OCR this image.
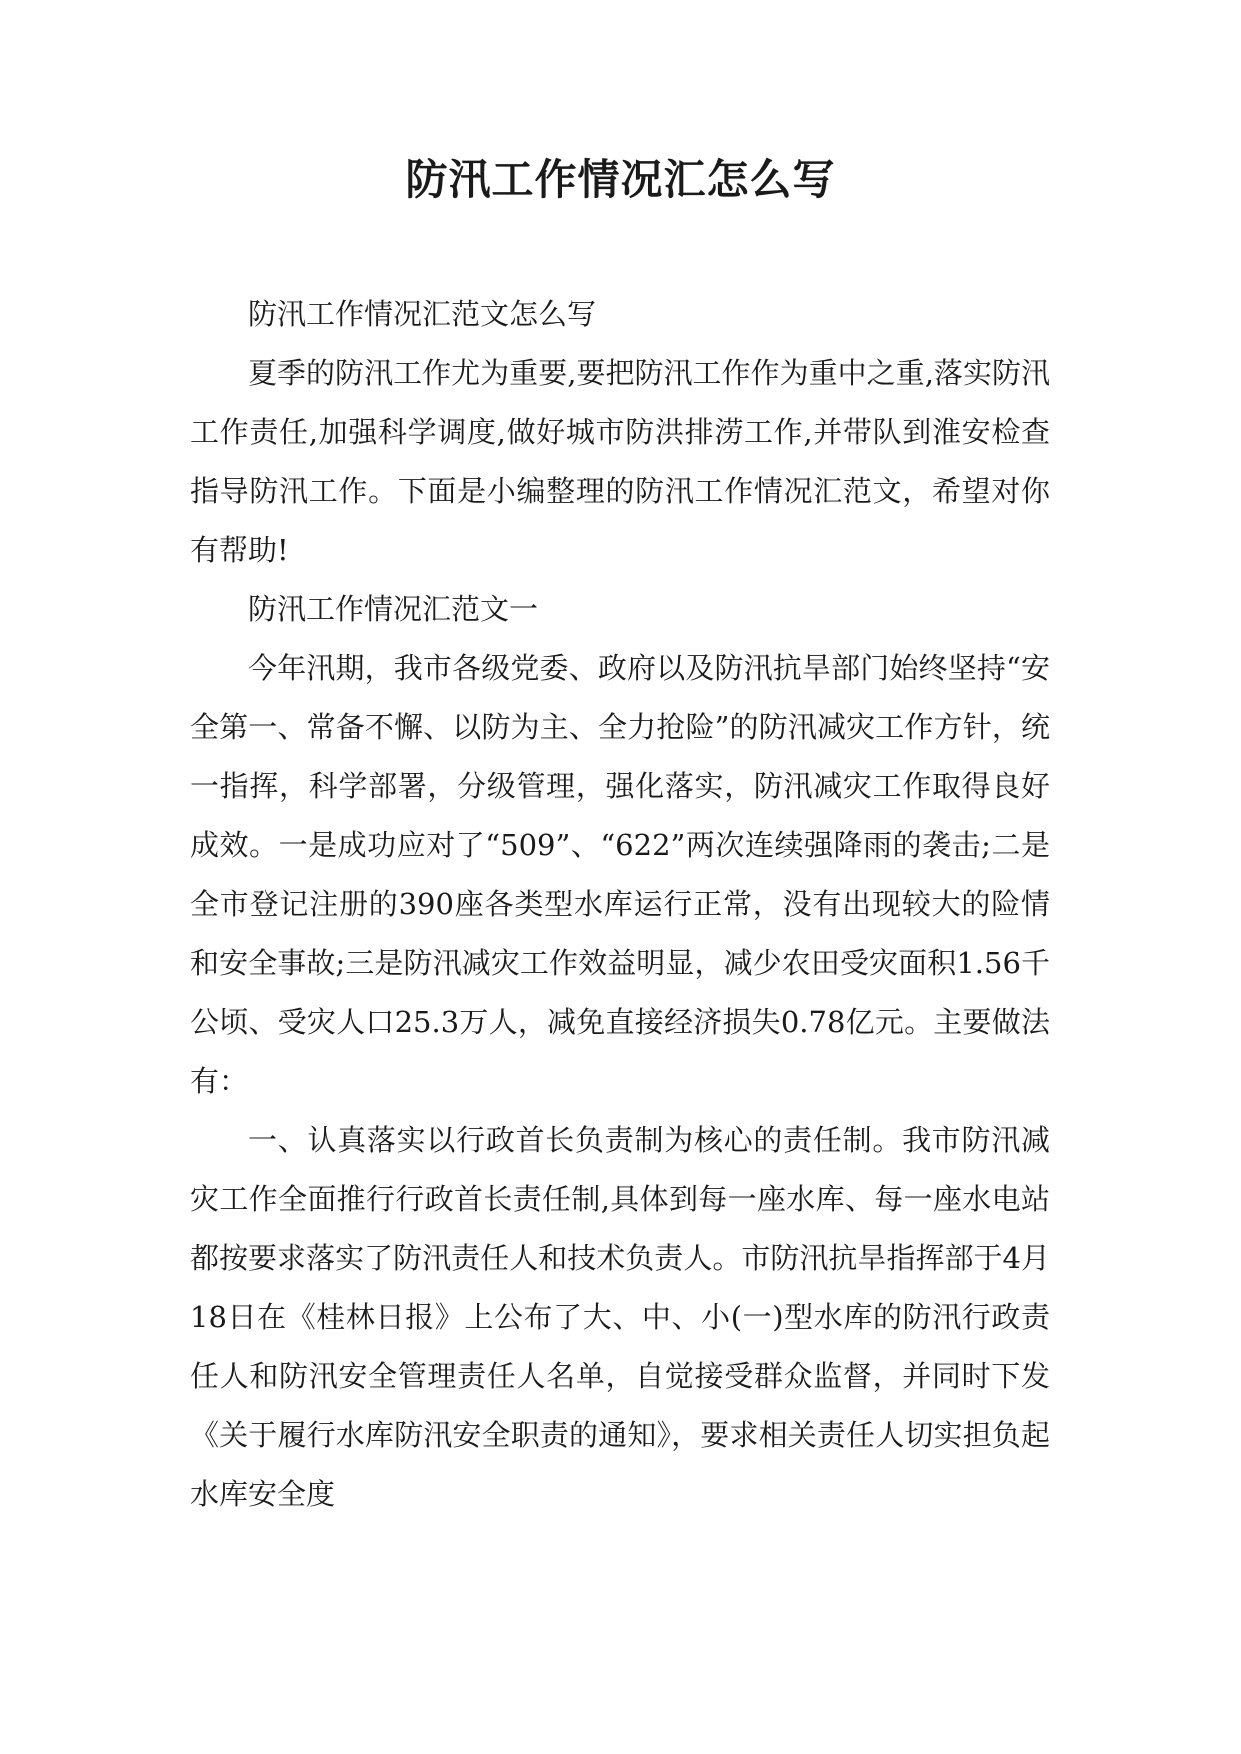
防汛工作情况汇怎么写

防汛工作情况汇范文怎么写

夏季的防汛工作尤为重要,要把防汛工作作为重中之重,落实防汛工作责任,加强科学调度,做好城市防洪排涝工作,并带队到淮安检查指导防汛工作。下面是小编整理的防汛工作情况汇范文，希望对你有帮助!

防汛工作情况汇范文一

今年汛期，我市各级党委、政府以及防汛抗旱部门始终坚持“安全第一、常备不懈、以防为主、全力抢险”的防汛减灾工作方针，统一指挥，科学部署，分级管理，强化落实，防汛减灾工作取得良好成效。一是成功应对了“509”、“622”两次连续强降雨的袭击;二是全市登记注册的390座各类型水库运行正常，没有出现较大的险情和安全事故;三是防汛减灾工作效益明显，减少农田受灾面积1.56千公顷、受灾人口25.3万人，减免直接经济损失0.78亿元。主要做法有：

一、认真落实以行政首长负责制为核心的责任制。我市防汛减灾工作全面推行行政首长责任制,具体到每一座水库、每一座水电站都按要求落实了防汛责任人和技术负责人。市防汛抗旱指挥部于4月18日在《桂林日报》上公布了大、中、小(一)型水库的防汛行政责任人和防汛安全管理责任人名单，自觉接受群众监督，并同时下发《关于履行水库防汛安全职责的通知》，要求相关责任人切实担负起水库安全度
